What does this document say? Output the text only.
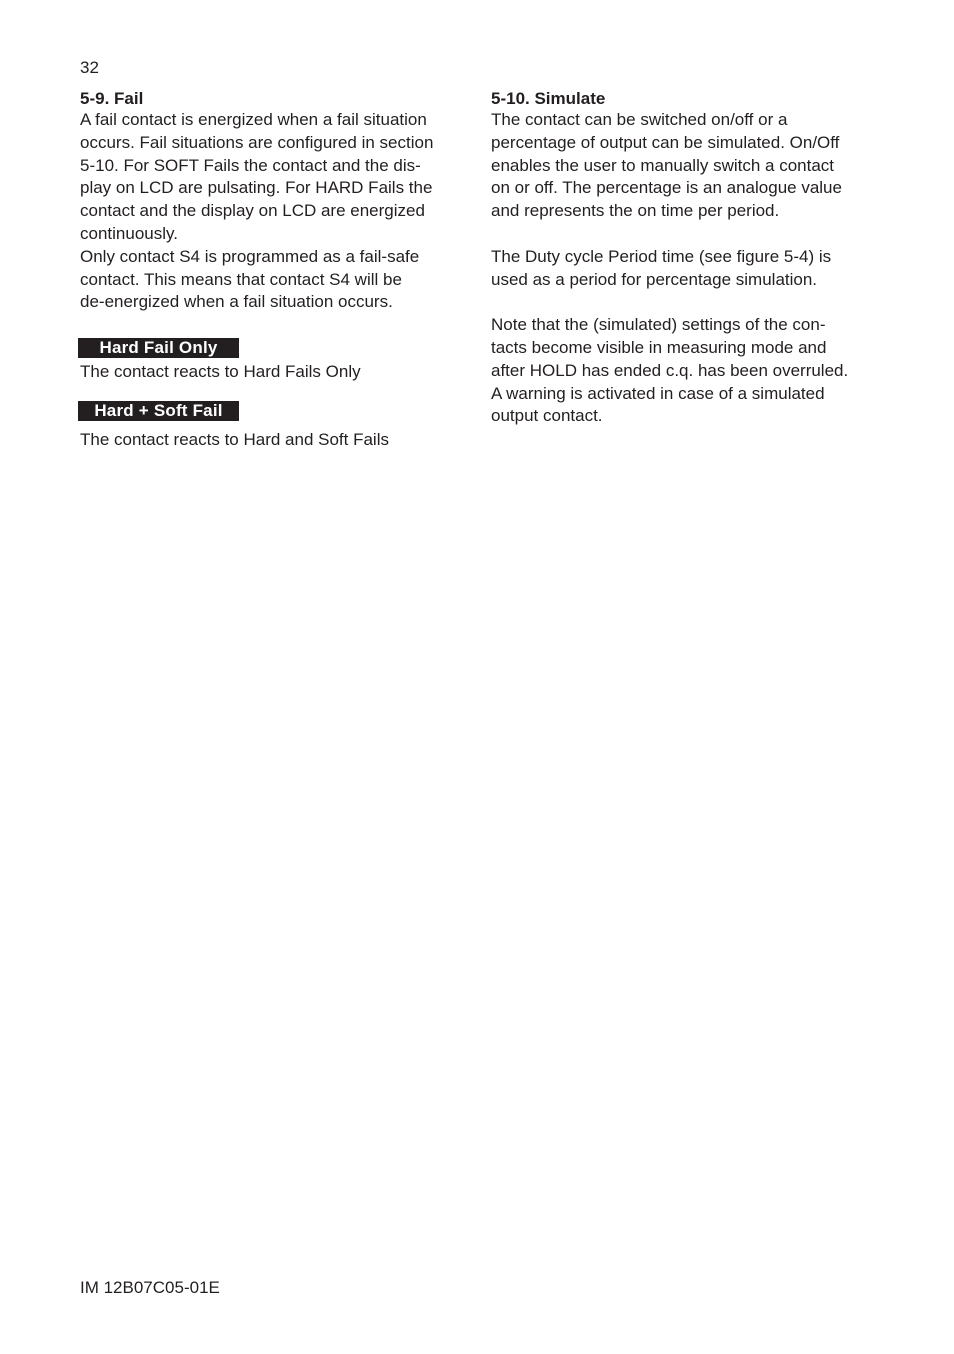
32

5-9. Fail

A fail contact is energized when a fail situation
occurs. Fail situations are configured in section
5-10. For SOFT Fails the contact and the dis-
play on LCD are pulsating. For HARD Fails the
contact and the display on LCD are energized
continuously.

Only contact S4 is programmed as a fail-safe
contact. This means that contact S4 will be
de-energized when a fail situation occurs.

Hard Fail Only
The contact reacts to Hard Fails Only
Hard + Soft Fail
The contact reacts to Hard and Soft Fails

5-10. Simulate

The contact can be switched on/off or a
percentage of output can be simulated. On/Off
enables the user to manually switch a contact
on or off. The percentage is an analogue value
and represents the on time per period.

The Duty cycle Period time (see figure 5-4) is
used as a period for percentage simulation.

Note that the (simulated) settings of the con-
tacts become visible in measuring mode and
after HOLD has ended c.q. has been overruled.
A warning is activated in case of a simulated
output contact.

IM 12B07C05-01E
